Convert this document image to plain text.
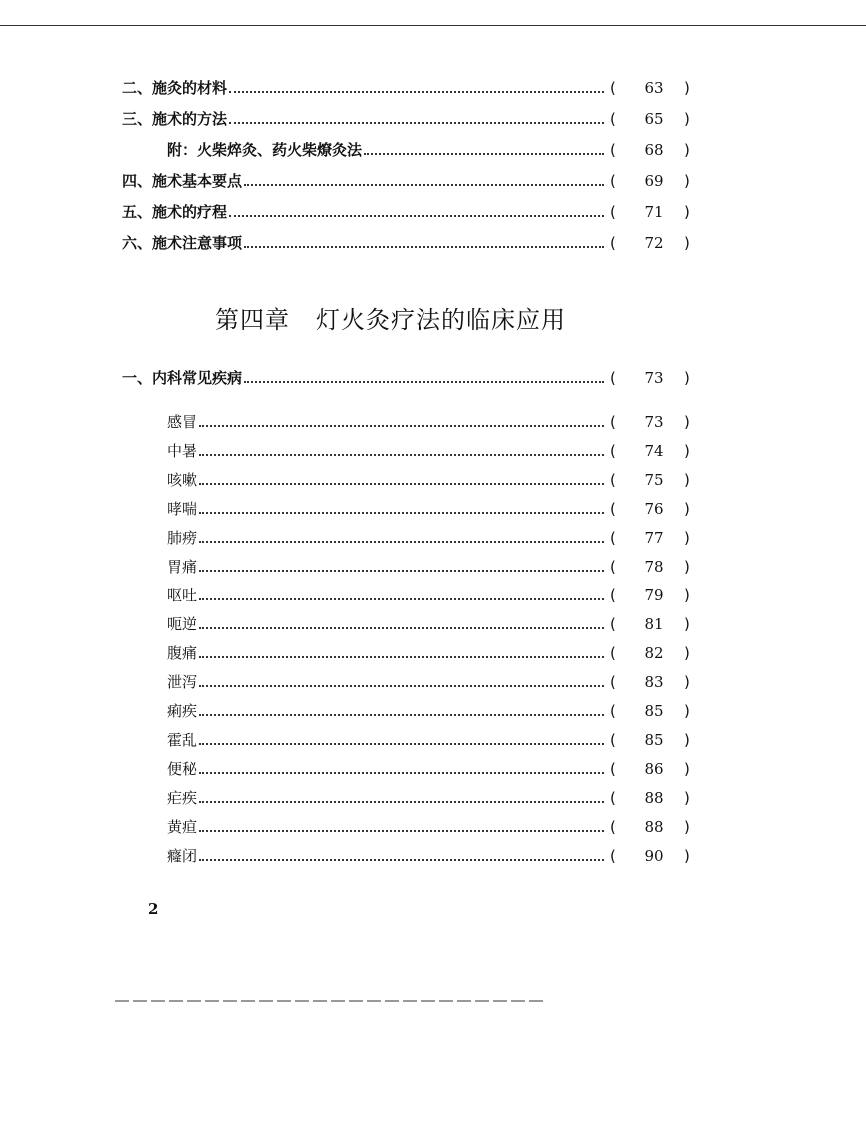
二、施灸的材料	( 63 )
三、施术的方法	( 65 )
附：火柴焠灸、药火柴燎灸法	( 68 )
四、施术基本要点	( 69 )
五、施术的疗程	( 71 )
六、施术注意事项	( 72 )
第四章 灯火灸疗法的临床应用
一、内科常见疾病	( 73 )
感冒	( 73 )
中暑	( 74 )
咳嗽	( 75 )
哮喘	( 76 )
肺痨	( 77 )
胃痛	( 78 )
呕吐	( 79 )
呃逆	( 81 )
腹痛	( 82 )
泄泻	( 83 )
痢疾	( 85 )
霍乱	( 85 )
便秘	( 86 )
疟疾	( 88 )
黄疸	( 88 )
癃闭	( 90 )
2
